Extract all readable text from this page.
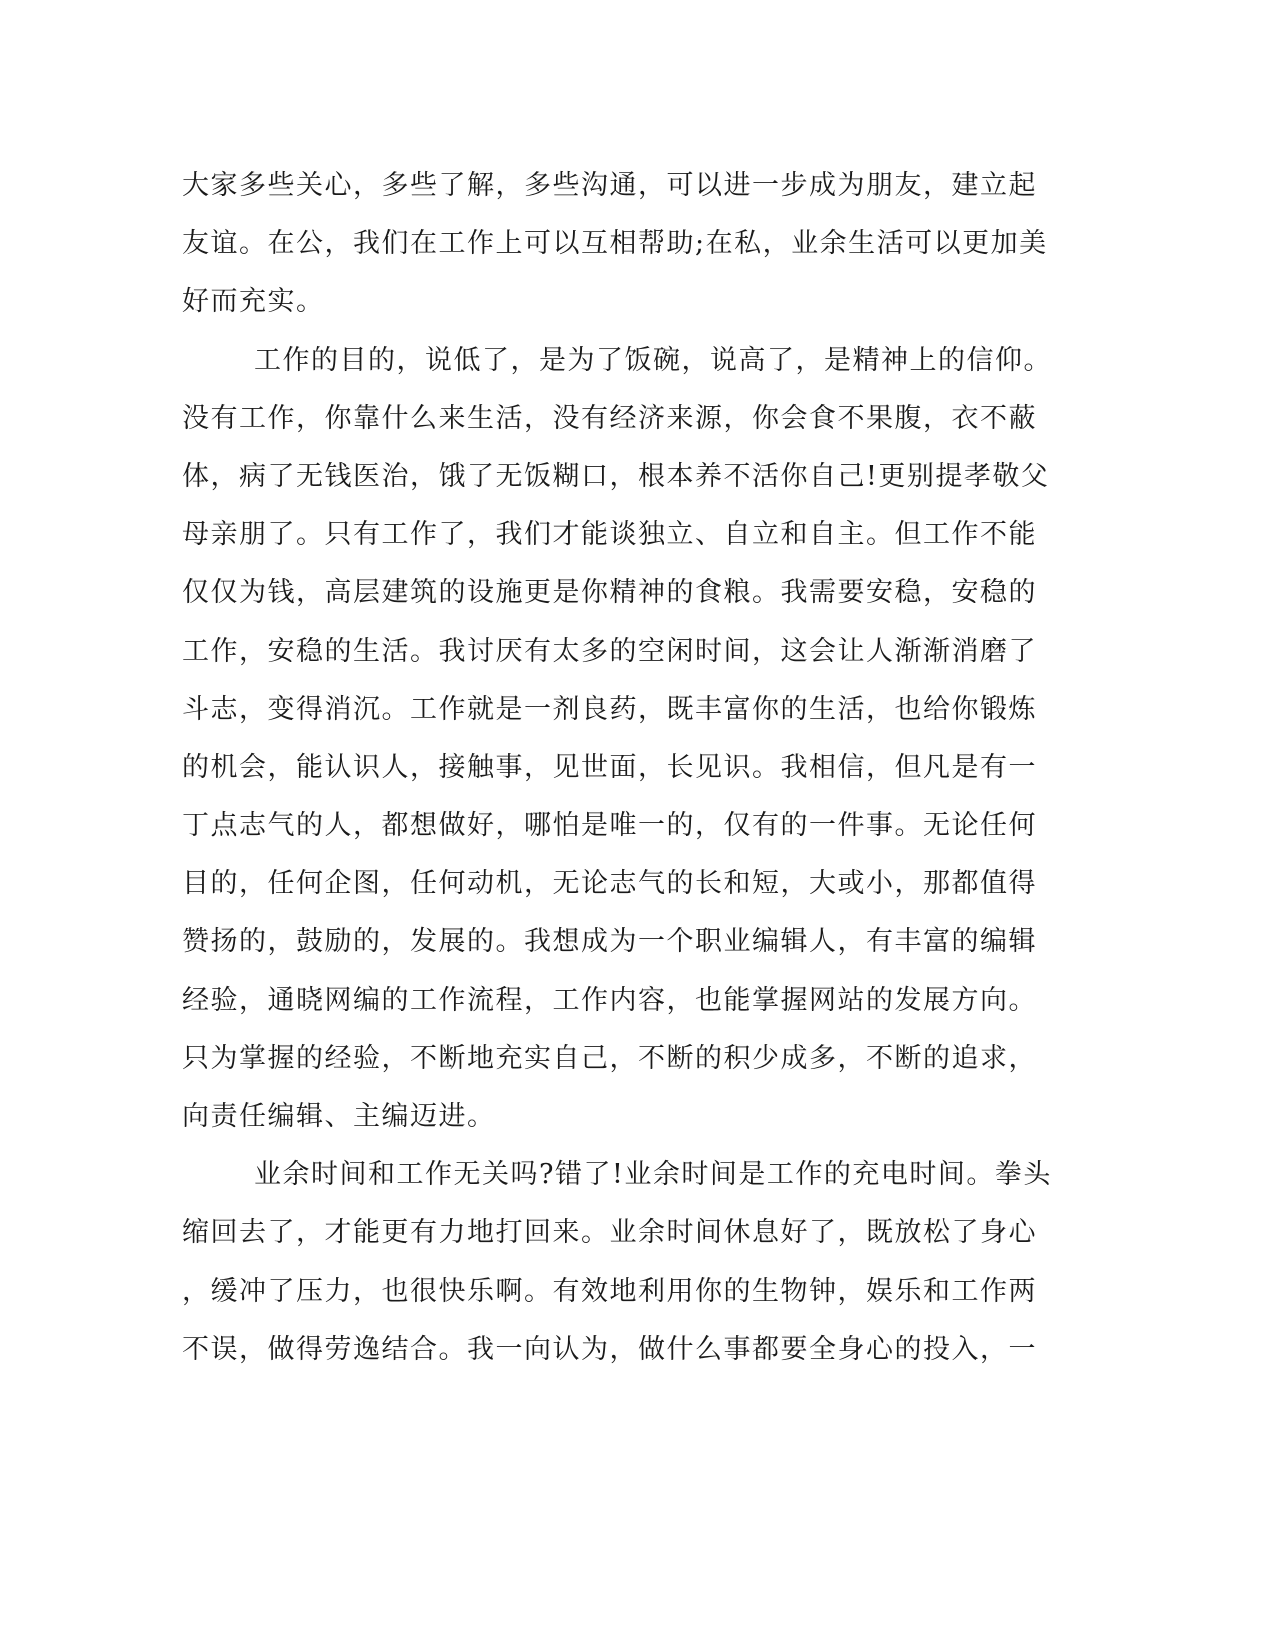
大家多些关心，多些了解，多些沟通，可以进一步成为朋友，建立起
友谊。在公，我们在工作上可以互相帮助;在私，业余生活可以更加美
好而充实。
工作的目的，说低了，是为了饭碗，说高了，是精神上的信仰。
没有工作，你靠什么来生活，没有经济来源，你会食不果腹，衣不蔽
体，病了无钱医治，饿了无饭糊口，根本养不活你自己!更别提孝敬父
母亲朋了。只有工作了，我们才能谈独立、自立和自主。但工作不能
仅仅为钱，高层建筑的设施更是你精神的食粮。我需要安稳，安稳的
工作，安稳的生活。我讨厌有太多的空闲时间，这会让人渐渐消磨了
斗志，变得消沉。工作就是一剂良药，既丰富你的生活，也给你锻炼
的机会，能认识人，接触事，见世面，长见识。我相信，但凡是有一
丁点志气的人，都想做好，哪怕是唯一的，仅有的一件事。无论任何
目的，任何企图，任何动机，无论志气的长和短，大或小，那都值得
赞扬的，鼓励的，发展的。我想成为一个职业编辑人，有丰富的编辑
经验，通晓网编的工作流程，工作内容，也能掌握网站的发展方向。
只为掌握的经验，不断地充实自己，不断的积少成多，不断的追求，
向责任编辑、主编迈进。
业余时间和工作无关吗?错了!业余时间是工作的充电时间。拳头
缩回去了，才能更有力地打回来。业余时间休息好了，既放松了身心
，缓冲了压力，也很快乐啊。有效地利用你的生物钟，娱乐和工作两
不误，做得劳逸结合。我一向认为，做什么事都要全身心的投入，一
